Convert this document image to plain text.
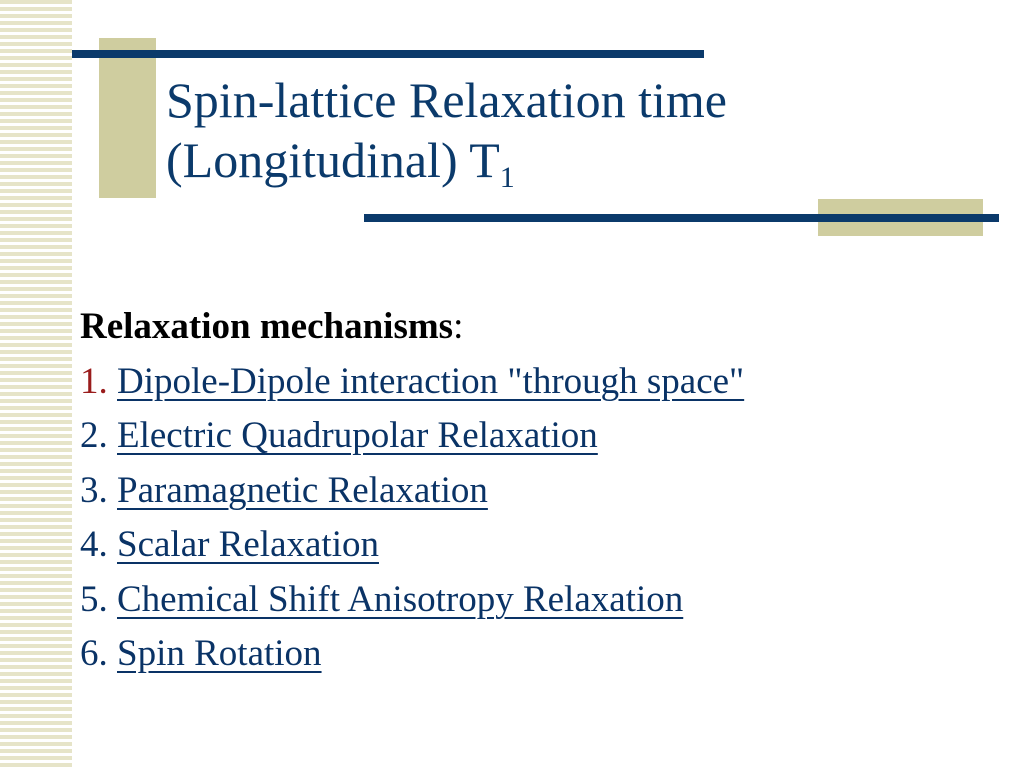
Spin-lattice Relaxation time
(Longitudinal) $T_1$
Relaxation mechanisms:
1. Dipole-Dipole interaction "through space"
2. Electric Quadrupolar Relaxation
3. Paramagnetic Relaxation
4. Scalar Relaxation
5. Chemical Shift Anisotropy Relaxation
6. Spin Rotation
